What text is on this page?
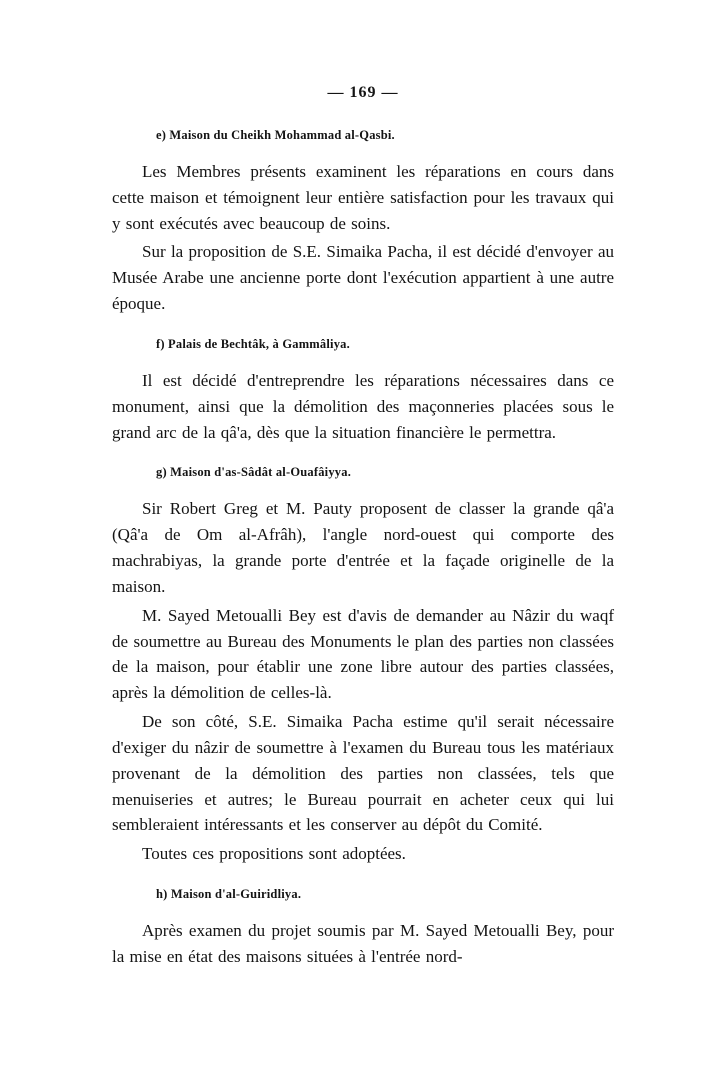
— 169 —
e) Maison du Cheikh Mohammad al-Qasbi.

Les Membres présents examinent les réparations en cours dans cette maison et témoignent leur entière satisfaction pour les travaux qui y sont exécutés avec beaucoup de soins.

Sur la proposition de S.E. Simaika Pacha, il est décidé d'envoyer au Musée Arabe une ancienne porte dont l'exécution appartient à une autre époque.

f) Palais de Bechtâk, à Gammâliya.

Il est décidé d'entreprendre les réparations nécessaires dans ce monument, ainsi que la démolition des maçonneries placées sous le grand arc de la qâ'a, dès que la situation financière le permettra.

g) Maison d'as-Sâdât al-Ouafâiyya.

Sir Robert Greg et M. Pauty proposent de classer la grande qâ'a (Qâ'a de Om al-Afrâh), l'angle nord-ouest qui comporte des machrabiyas, la grande porte d'entrée et la façade originelle de la maison.

M. Sayed Metoualli Bey est d'avis de demander au Nâzir du waqf de soumettre au Bureau des Monuments le plan des parties non classées de la maison, pour établir une zone libre autour des parties classées, après la démolition de celles-là.

De son côté, S.E. Simaika Pacha estime qu'il serait nécessaire d'exiger du nâzir de soumettre à l'examen du Bureau tous les matériaux provenant de la démolition des parties non classées, tels que menuiseries et autres; le Bureau pourrait en acheter ceux qui lui sembleraient intéressants et les conserver au dépôt du Comité.

Toutes ces propositions sont adoptées.

h) Maison d'al-Guiridliya.

Après examen du projet soumis par M. Sayed Metoualli Bey, pour la mise en état des maisons situées à l'entrée nord-
